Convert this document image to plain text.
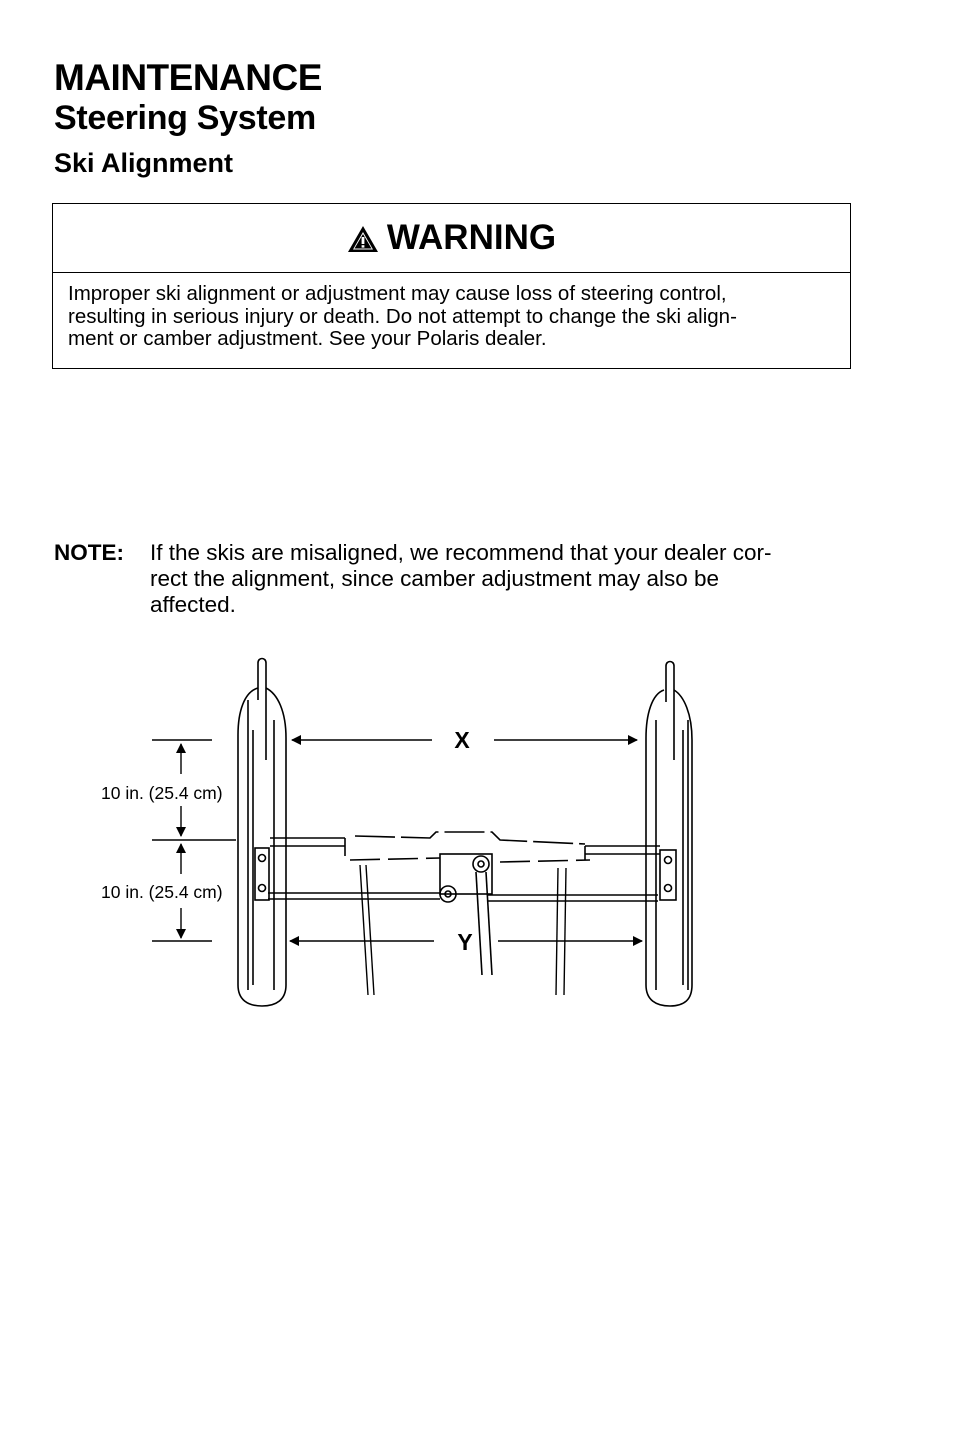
MAINTENANCE
Steering System
Ski Alignment
WARNING
Improper ski alignment or adjustment may cause loss of steering control,
resulting in serious injury or death. Do not attempt to change the ski align-
ment or camber adjustment. See your Polaris dealer.
NOTE: If the skis are misaligned, we recommend that your dealer cor-
rect the alignment, since camber adjustment may also be
affected.
X
Y
10 in. (25.4 cm)
10 in. (25.4 cm)
